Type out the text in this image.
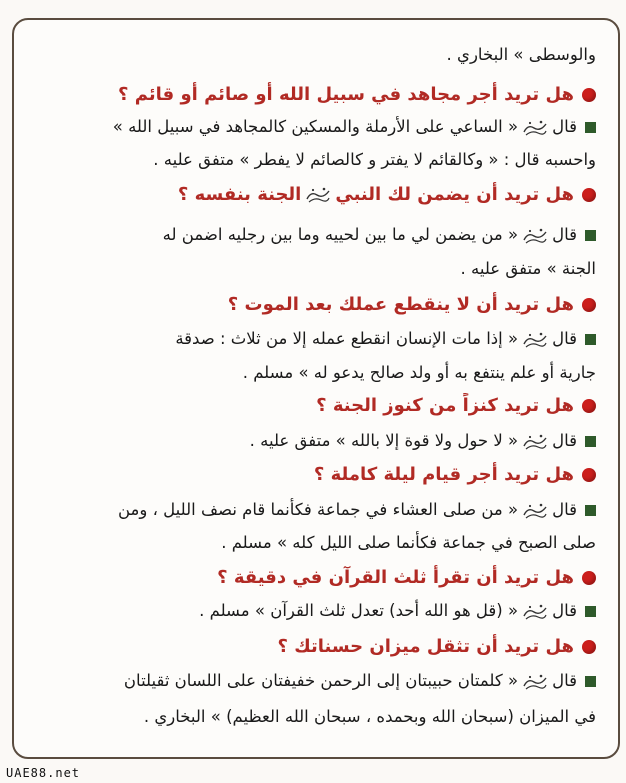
والوسطى » البخاري .
هل تريد أجر مجاهد في سبيل الله أو صائم أو قائم ؟
قال
« الساعي على الأرملة والمسكين كالمجاهد في سبيل الله »
واحسبه قال : « وكالقائم لا يفتر و كالصائم لا يفطر » متفق عليه .
هل تريد أن يضمن لك النبي
الجنة بنفسه ؟
قال
« من يضمن لي ما بين لحييه وما بين رجليه اضمن له
الجنة » متفق عليه .
هل تريد أن لا ينقطع عملك بعد الموت ؟
قال
« إذا مات الإنسان انقطع عمله إلا من ثلاث : صدقة
جارية أو علم ينتفع به أو ولد صالح يدعو له » مسلم .
هل تريد كنزاً من كنوز الجنة ؟
قال
« لا حول ولا قوة إلا بالله » متفق عليه .
هل تريد أجر قيام ليلة كاملة ؟
قال
« من صلى العشاء في جماعة فكأنما قام نصف الليل ، ومن
صلى الصبح في جماعة فكأنما صلى الليل كله » مسلم .
هل تريد أن تقرأ ثلث القرآن في دقيقة ؟
قال
« (قل هو الله أحد) تعدل ثلث القرآن » مسلم .
هل تريد أن تثقل ميزان حسناتك ؟
قال
« كلمتان حبيبتان إلى الرحمن خفيفتان على اللسان ثقيلتان
في الميزان (سبحان الله وبحمده ، سبحان الله العظيم) » البخاري .
UAE88.net
